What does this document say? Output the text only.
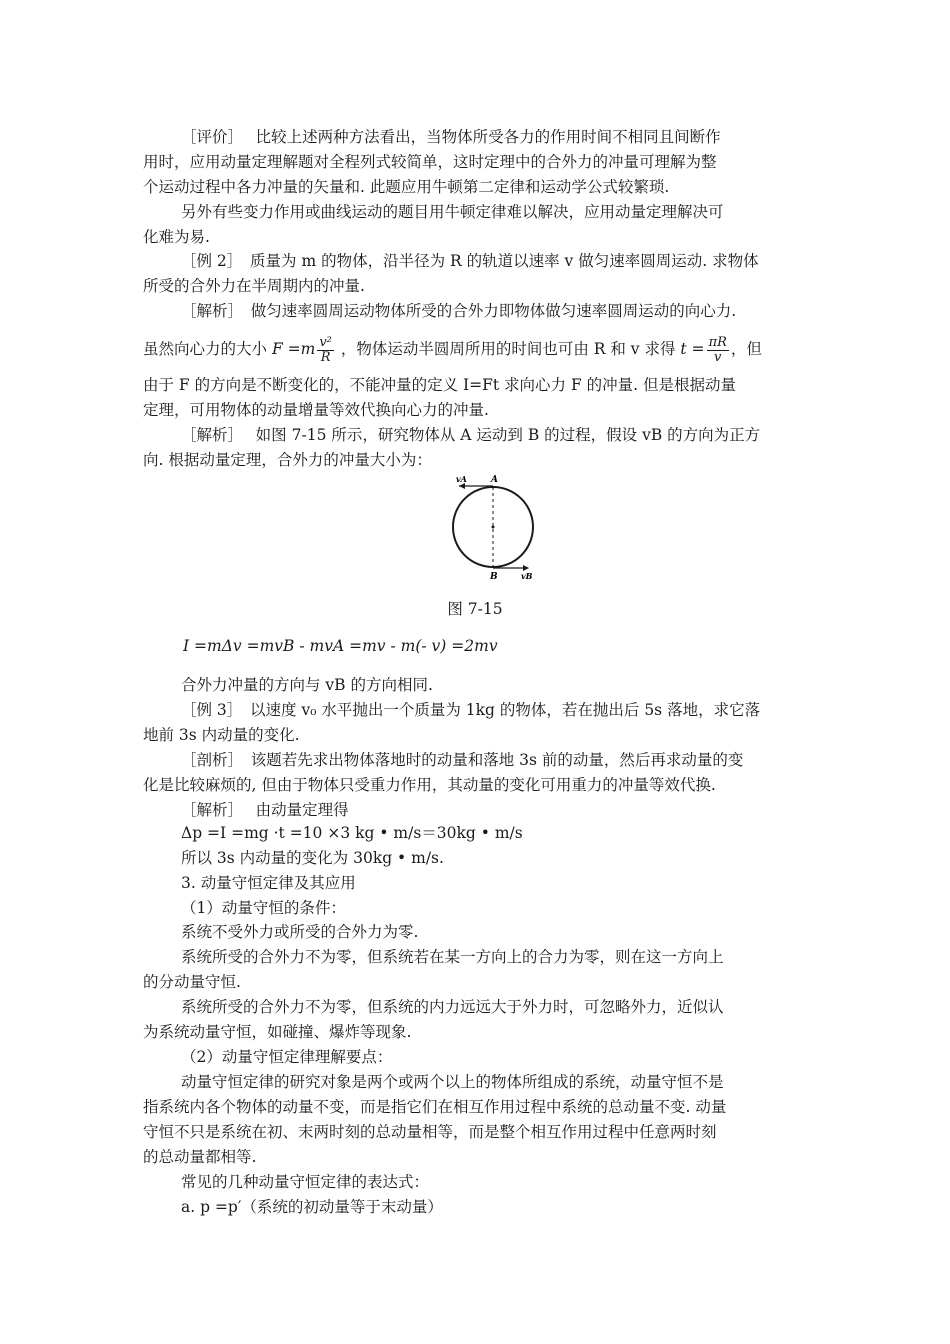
［评价］　 比较上述两种方法看出，当物体所受各力的作用时间不相同且间断作
用时，应用动量定理解题对全程列式较简单，这时定理中的合外力的冲量可理解为整
个运动过程中各力冲量的矢量和. 此题应用牛顿第二定律和运动学公式较繁琐.
另外有些变力作用或曲线运动的题目用牛顿定律难以解决，应用动量定理解决可
化难为易.
［例 2］　质量为 m 的物体，沿半径为 R 的轨道以速率 v 做匀速率圆周运动. 求物体
所受的合外力在半周期内的冲量.
［解析］　做匀速率圆周运动物体所受的合外力即物体做匀速率圆周运动的向心力.
虽然向心力的大小 $F =m \frac{\text{v²}}{R}$ ，物体运动半圆周所用的时间也可由 R 和 v 求得 $t = \frac{\pi R}{v}$ ，但
由于 F 的方向是不断变化的，不能冲量的定义 I=Ft 求向心力 F 的冲量. 但是根据动量
定理，可用物体的动量增量等效代换向心力的冲量.
［解析］　 如图 7-15 所示，研究物体从 A 运动到 B 的过程，假设 vB 的方向为正方
向. 根据动量定理，合外力的冲量大小为：
vA	A
B	vB
图 7-15
I =mΔv =mvB - mvA =mv - m(- v) =2mv
合外力冲量的方向与 vB 的方向相同.
［例 3］　以速度 v₀ 水平抛出一个质量为 1kg 的物体，若在抛出后 5s 落地，求它落
地前 3s 内动量的变化.
［剖析］　该题若先求出物体落地时的动量和落地 3s 前的动量，然后再求动量的变
化是比较麻烦的, 但由于物体只受重力作用，其动量的变化可用重力的冲量等效代换.
［解析］　 由动量定理得
Δp =I =mg ·t =10 ×3 kg • m/s＝30kg • m/s
所以 3s 内动量的变化为 30kg • m/s.
3. 动量守恒定律及其应用
（1）动量守恒的条件：
系统不受外力或所受的合外力为零.
系统所受的合外力不为零，但系统若在某一方向上的合力为零，则在这一方向上
的分动量守恒.
系统所受的合外力不为零，但系统的内力远远大于外力时，可忽略外力，近似认
为系统动量守恒，如碰撞、爆炸等现象.
（2）动量守恒定律理解要点：
动量守恒定律的研究对象是两个或两个以上的物体所组成的系统，动量守恒不是
指系统内各个物体的动量不变，而是指它们在相互作用过程中系统的总动量不变. 动量
守恒不只是系统在初、末两时刻的总动量相等，而是整个相互作用过程中任意两时刻
的总动量都相等.
常见的几种动量守恒定律的表达式：
a. p =p′（系统的初动量等于末动量）
